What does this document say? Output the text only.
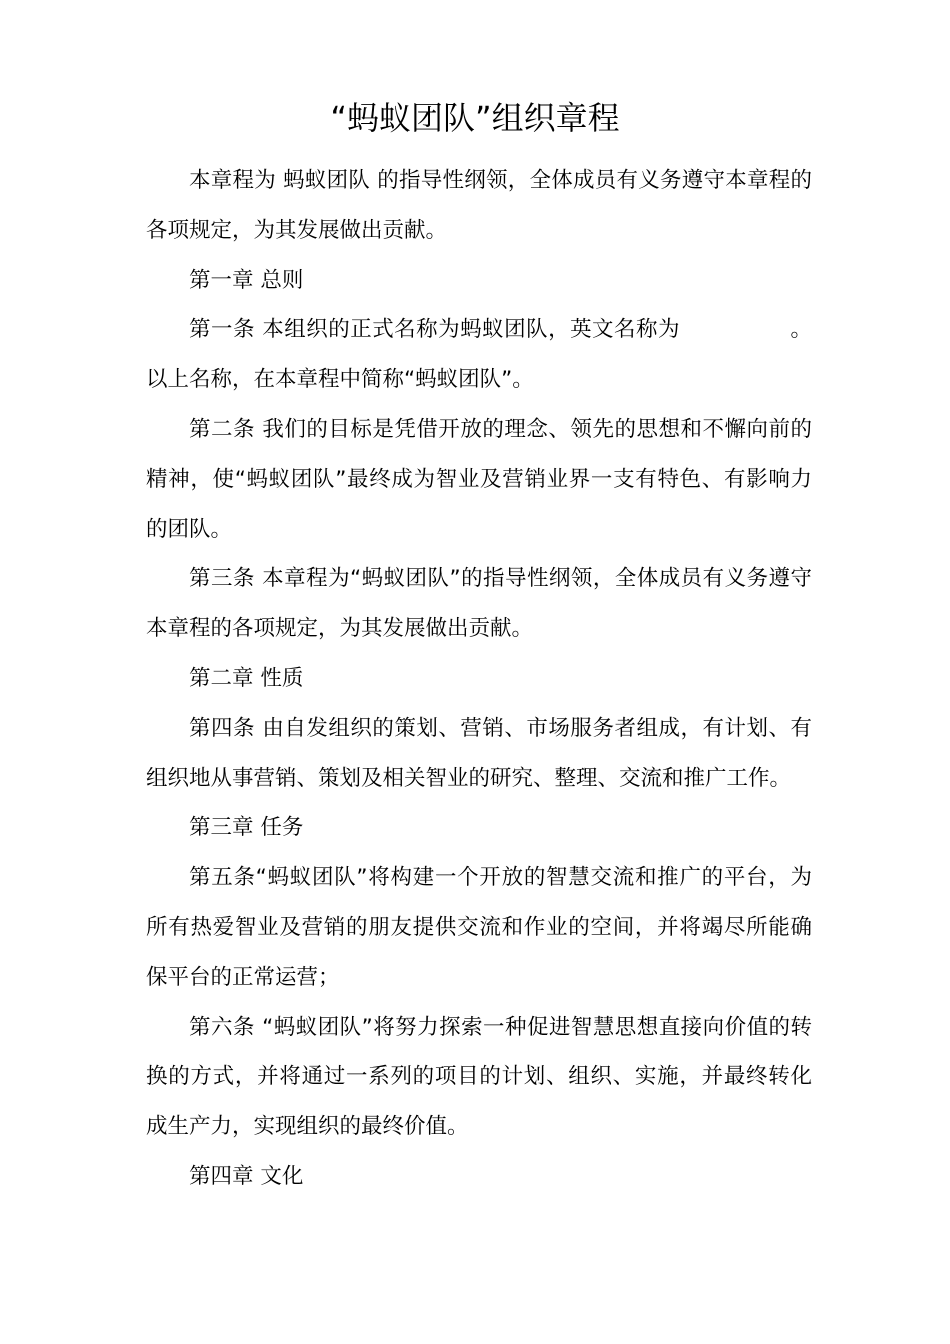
“蚂蚁团队”组织章程

本章程为 蚂蚁团队 的指导性纲领，全体成员有义务遵守本章程的各项规定，为其发展做出贡献。

第一章 总则

第一条 本组织的正式名称为蚂蚁团队，英文名称为	。以上名称，在本章程中简称“蚂蚁团队”。

第二条 我们的目标是凭借开放的理念、领先的思想和不懈向前的精神，使“蚂蚁团队”最终成为智业及营销业界一支有特色、有影响力的团队。

第三条 本章程为“蚂蚁团队”的指导性纲领，全体成员有义务遵守本章程的各项规定，为其发展做出贡献。

第二章 性质

第四条 由自发组织的策划、营销、市场服务者组成，有计划、有组织地从事营销、策划及相关智业的研究、整理、交流和推广工作。

第三章 任务

第五条“蚂蚁团队”将构建一个开放的智慧交流和推广的平台，为所有热爱智业及营销的朋友提供交流和作业的空间，并将竭尽所能确保平台的正常运营；

第六条 “蚂蚁团队”将努力探索一种促进智慧思想直接向价值的转换的方式，并将通过一系列的项目的计划、组织、实施，并最终转化成生产力，实现组织的最终价值。

第四章 文化
